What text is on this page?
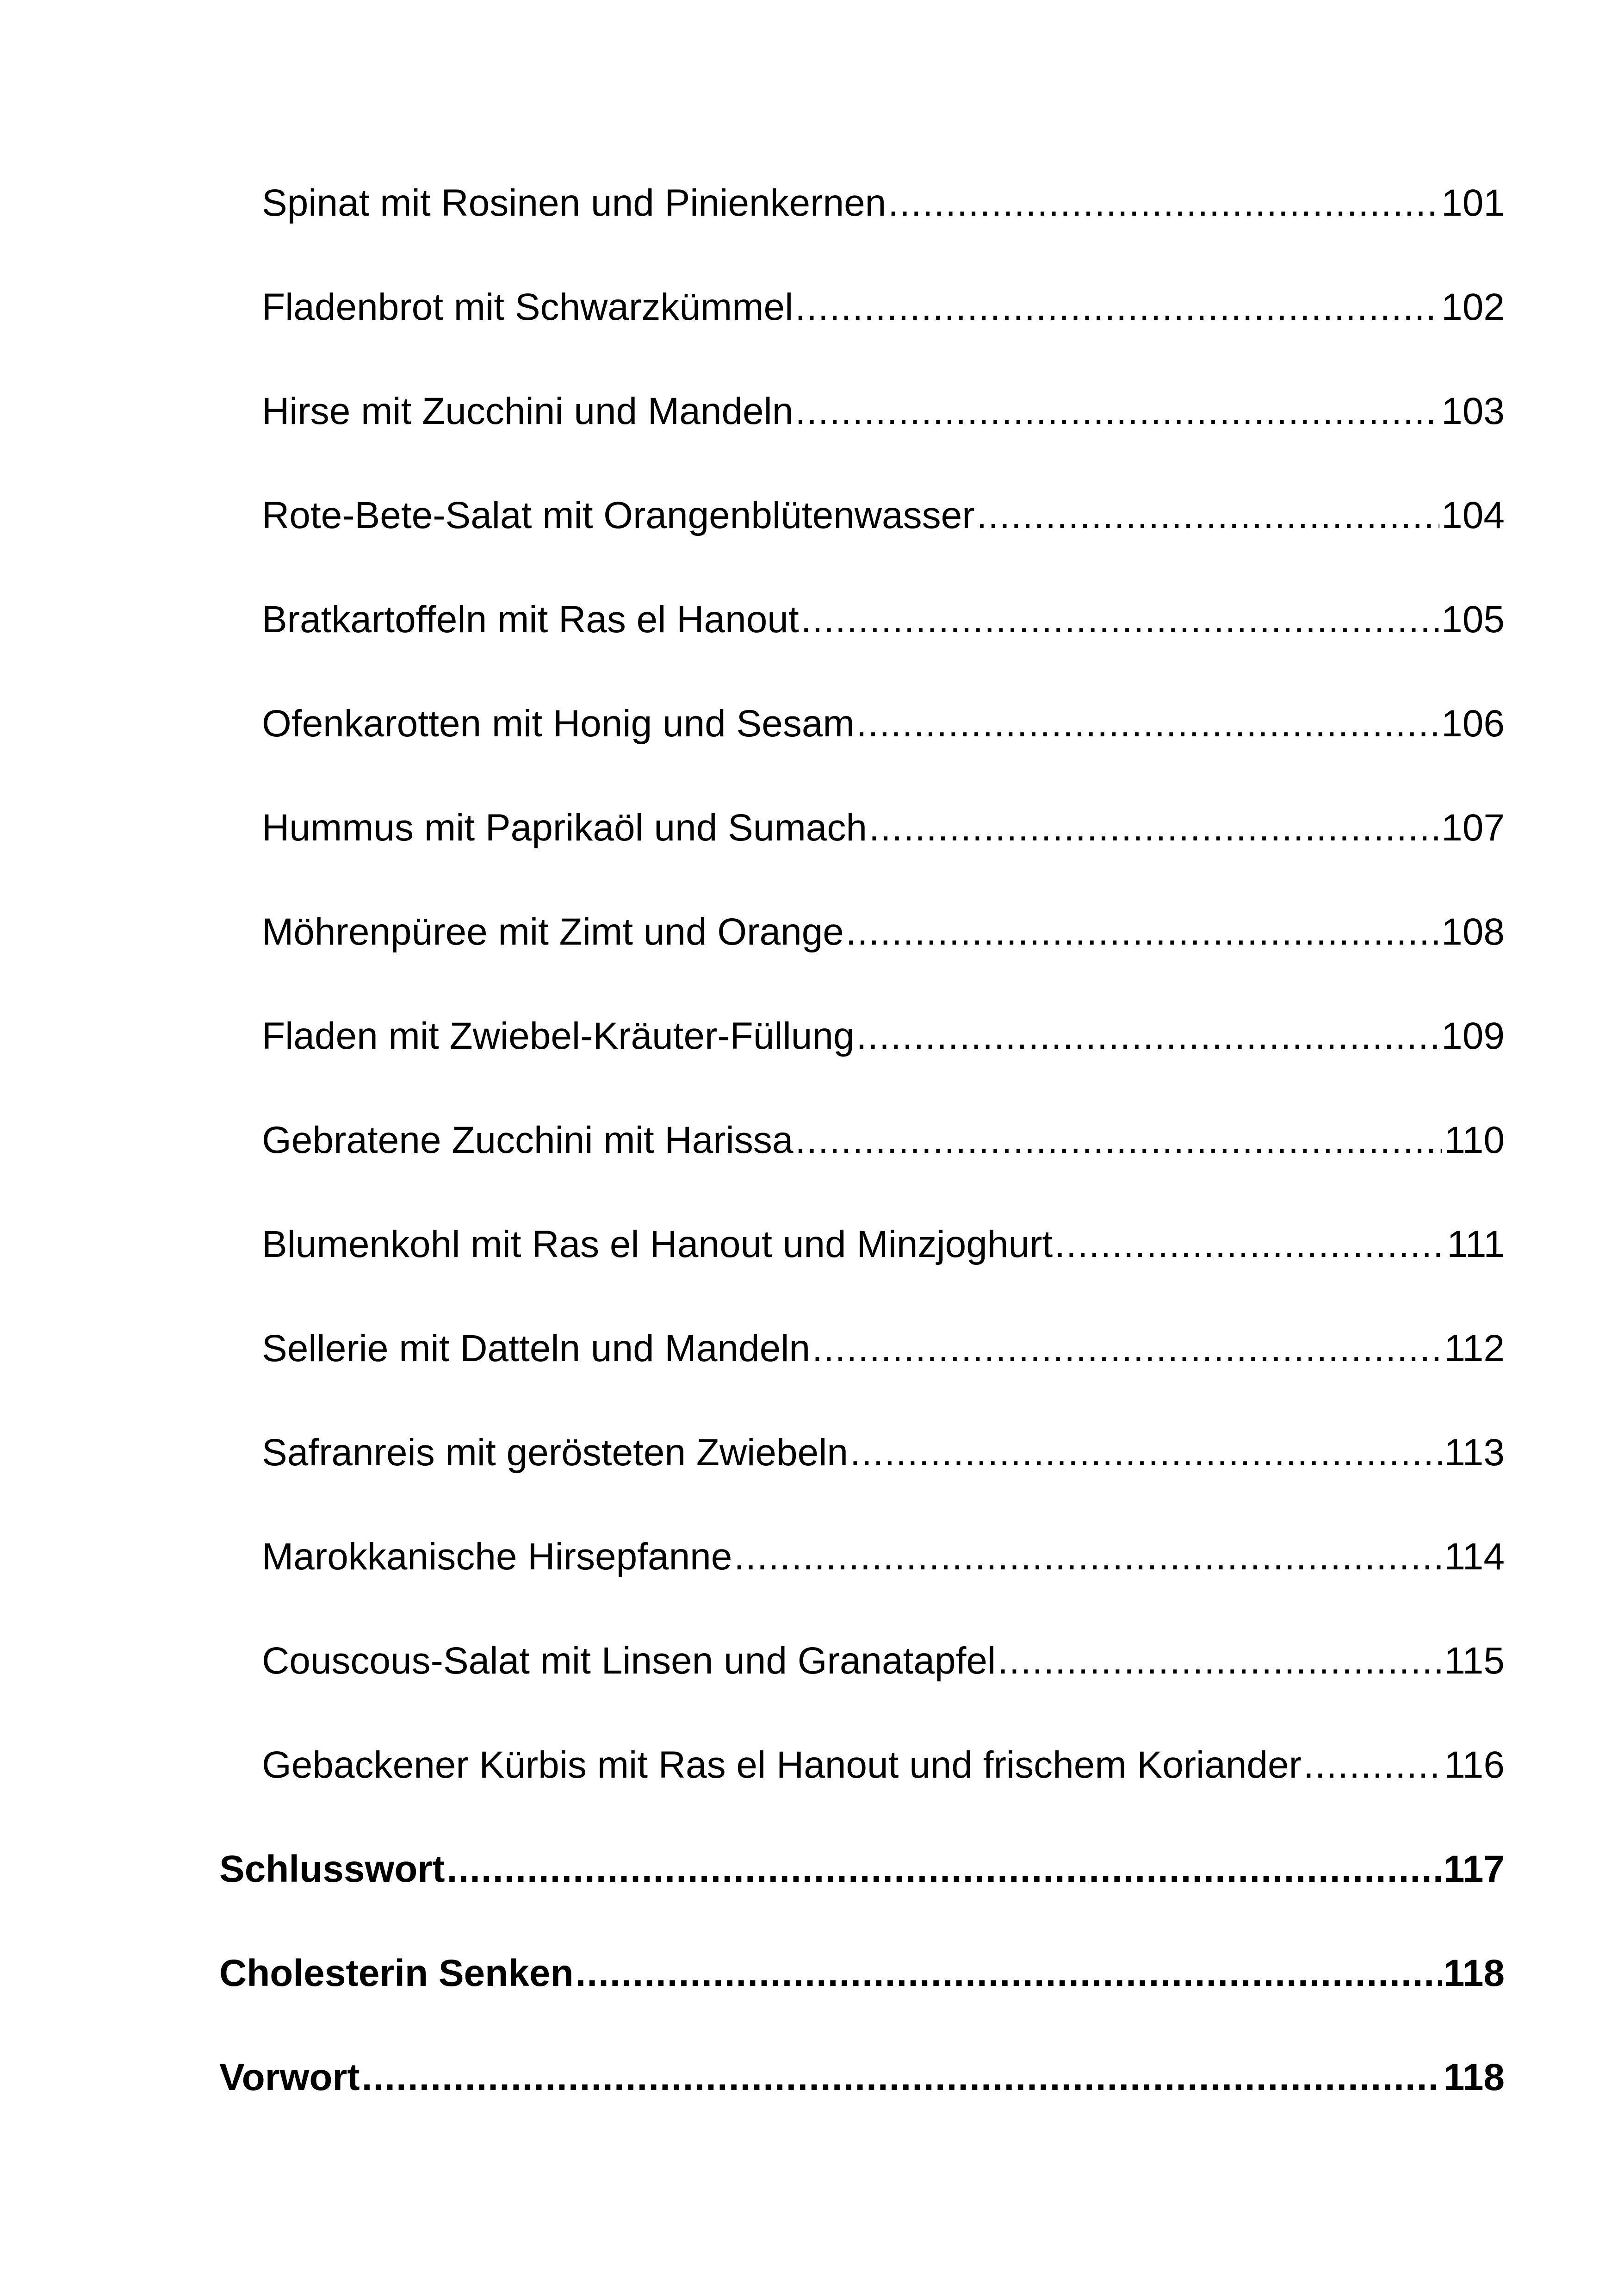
Spinat mit Rosinen und Pinienkernen .....	101
Fladenbrot mit Schwarzkümmel .....	102
Hirse mit Zucchini und Mandeln .....	103
Rote-Bete-Salat mit Orangenblütenwasser .....	104
Bratkartoffeln mit Ras el Hanout .....	105
Ofenkarotten mit Honig und Sesam .....	106
Hummus mit Paprikaöl und Sumach .....	107
Möhrenpüree mit Zimt und Orange .....	108
Fladen mit Zwiebel-Kräuter-Füllung .....	109
Gebratene Zucchini mit Harissa .....	110
Blumenkohl mit Ras el Hanout und Minzjoghurt .....	111
Sellerie mit Datteln und Mandeln .....	112
Safranreis mit gerösteten Zwiebeln .....	113
Marokkanische Hirsepfanne .....	114
Couscous-Salat mit Linsen und Granatapfel .....	115
Gebackener Kürbis mit Ras el Hanout und frischem Koriander .....	116
Schlusswort .....	117
Cholesterin Senken .....	118
Vorwort .....	118
